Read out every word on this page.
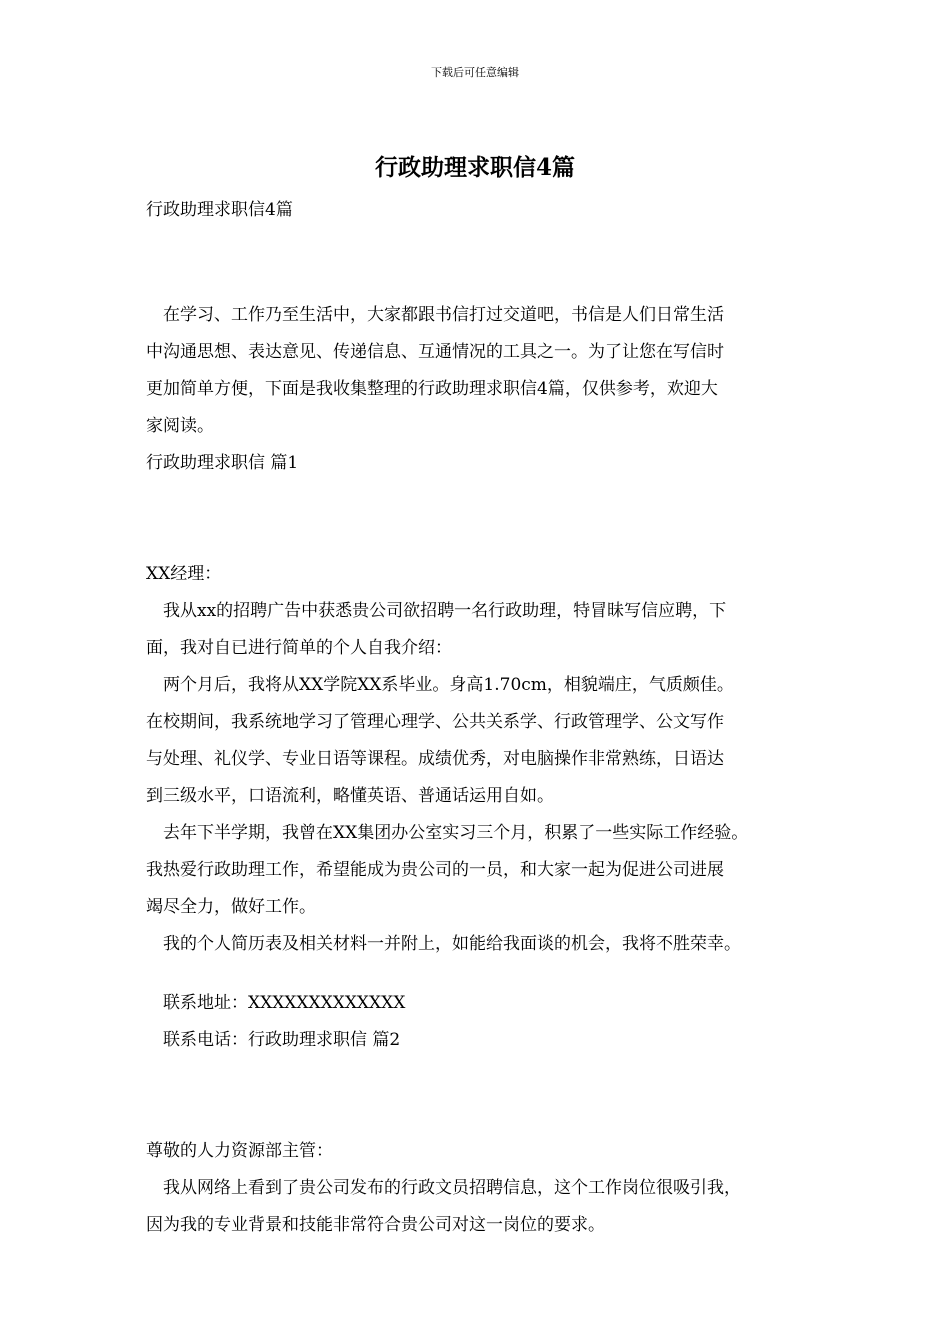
下载后可任意编辑
行政助理求职信4篇
行政助理求职信4篇
　在学习、工作乃至生活中，大家都跟书信打过交道吧，书信是人们日常生活
中沟通思想、表达意见、传递信息、互通情况的工具之一。为了让您在写信时
更加简单方便，下面是我收集整理的行政助理求职信4篇，仅供参考，欢迎大
家阅读。
行政助理求职信 篇1
XX经理：
　我从xx的招聘广告中获悉贵公司欲招聘一名行政助理，特冒昧写信应聘，下
面，我对自已进行简单的个人自我介绍：
　两个月后，我将从XX学院XX系毕业。身高1.70cm，相貌端庄，气质颇佳。
在校期间，我系统地学习了管理心理学、公共关系学、行政管理学、公文写作
与处理、礼仪学、专业日语等课程。成绩优秀，对电脑操作非常熟练，日语达
到三级水平，口语流利，略懂英语、普通话运用自如。
　去年下半学期，我曾在XX集团办公室实习三个月，积累了一些实际工作经验。
我热爱行政助理工作，希望能成为贵公司的一员，和大家一起为促进公司进展
竭尽全力，做好工作。
　我的个人简历表及相关材料一并附上，如能给我面谈的机会，我将不胜荣幸。
　联系地址：XXXXXXXXXXXXX
　联系电话：行政助理求职信 篇2
尊敬的人力资源部主管：
　我从网络上看到了贵公司发布的行政文员招聘信息，这个工作岗位很吸引我，
因为我的专业背景和技能非常符合贵公司对这一岗位的要求。
